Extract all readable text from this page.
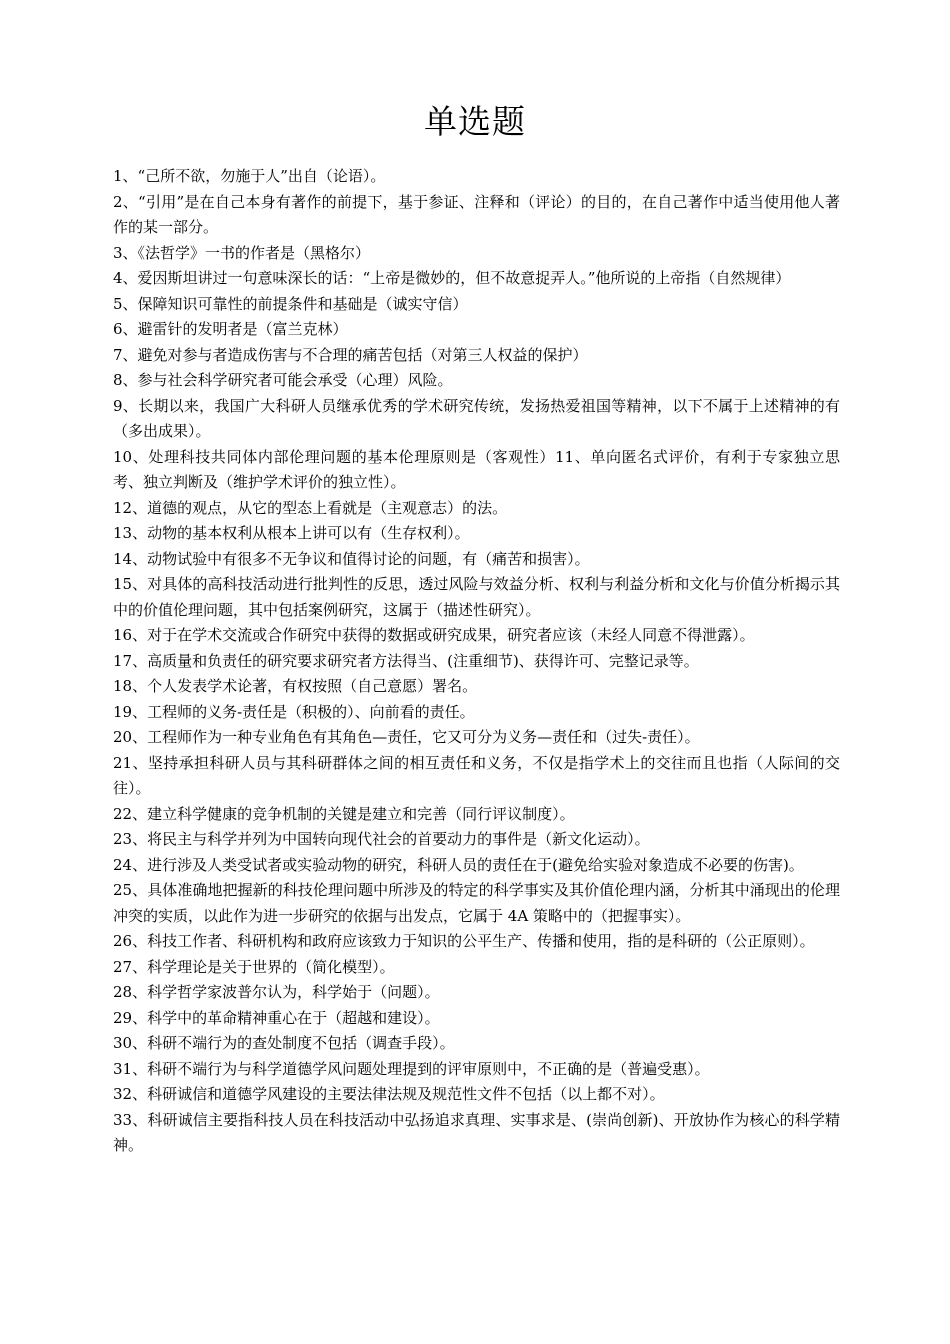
单选题
1、“己所不欲，勿施于人”出自（论语）。
2、“引用”是在自己本身有著作的前提下，基于参证、注释和（评论）的目的，在自己著作中适当使用他人著作的某一部分。
3、《法哲学》一书的作者是（黑格尔）
4、爱因斯坦讲过一句意味深长的话：“上帝是微妙的，但不故意捉弄人。”他所说的上帝指（自然规律）
5、保障知识可靠性的前提条件和基础是（诚实守信）
6、避雷针的发明者是（富兰克林）
7、避免对参与者造成伤害与不合理的痛苦包括（对第三人权益的保护）
8、参与社会科学研究者可能会承受（心理）风险。
9、长期以来，我国广大科研人员继承优秀的学术研究传统，发扬热爱祖国等精神，以下不属于上述精神的有（多出成果）。
10、处理科技共同体内部伦理问题的基本伦理原则是（客观性）11、单向匿名式评价，有利于专家独立思考、独立判断及（维护学术评价的独立性）。
12、道德的观点，从它的型态上看就是（主观意志）的法。
13、动物的基本权利从根本上讲可以有（生存权利）。
14、动物试验中有很多不无争议和值得讨论的问题，有（痛苦和损害）。
15、对具体的高科技活动进行批判性的反思，透过风险与效益分析、权利与利益分析和文化与价值分析揭示其中的价值伦理问题，其中包括案例研究，这属于（描述性研究）。
16、对于在学术交流或合作研究中获得的数据或研究成果，研究者应该（未经人同意不得泄露）。
17、高质量和负责任的研究要求研究者方法得当、(注重细节)、获得许可、完整记录等。
18、个人发表学术论著，有权按照（自己意愿）署名。
19、工程师的义务-责任是（积极的）、向前看的责任。
20、工程师作为一种专业角色有其角色—责任，它又可分为义务—责任和（过失-责任）。
21、坚持承担科研人员与其科研群体之间的相互责任和义务，不仅是指学术上的交往而且也指（人际间的交往）。
22、建立科学健康的竞争机制的关键是建立和完善（同行评议制度）。
23、将民主与科学并列为中国转向现代社会的首要动力的事件是（新文化运动）。
24、进行涉及人类受试者或实验动物的研究，科研人员的责任在于(避免给实验对象造成不必要的伤害)。
25、具体准确地把握新的科技伦理问题中所涉及的特定的科学事实及其价值伦理内涵，分析其中涌现出的伦理冲突的实质，以此作为进一步研究的依据与出发点，它属于 4A 策略中的（把握事实）。
26、科技工作者、科研机构和政府应该致力于知识的公平生产、传播和使用，指的是科研的（公正原则）。
27、科学理论是关于世界的（简化模型）。
28、科学哲学家波普尔认为，科学始于（问题）。
29、科学中的革命精神重心在于（超越和建设）。
30、科研不端行为的查处制度不包括（调查手段）。
31、科研不端行为与科学道德学风问题处理提到的评审原则中，不正确的是（普遍受惠）。
32、科研诚信和道德学风建设的主要法律法规及规范性文件不包括（以上都不对）。
33、科研诚信主要指科技人员在科技活动中弘扬追求真理、实事求是、(崇尚创新)、开放协作为核心的科学精神。
